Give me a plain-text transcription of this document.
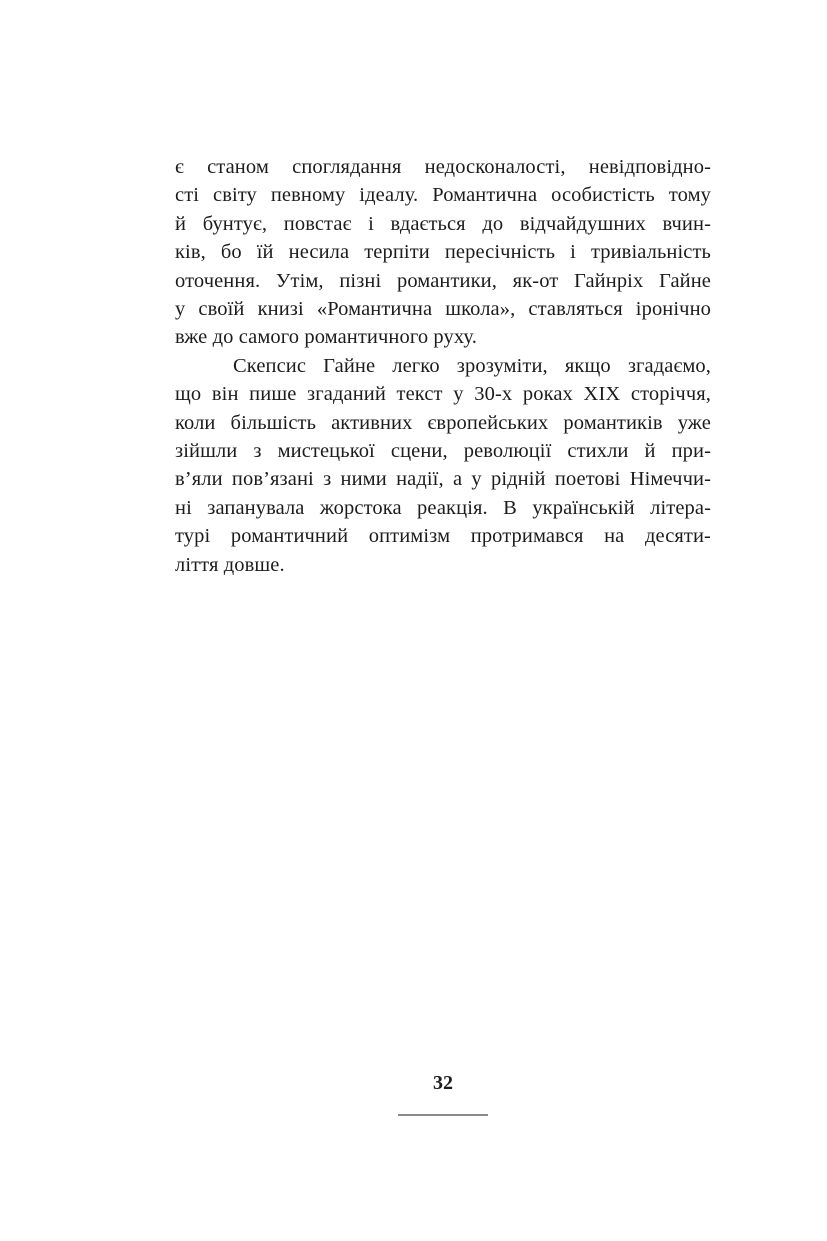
є станом споглядання недосконалості, невідповідно-
сті світу певному ідеалу. Романтична особистість тому
й бунтує, повстає і вдається до відчайдушних вчин-
ків, бо їй несила терпіти пересічність і тривіальність
оточення. Утім, пізні романтики, як-от Гайнріх Гайне
у своїй книзі «Романтична школа», ставляться іронічно
вже до самого романтичного руху.
Скепсис Гайне легко зрозуміти, якщо згадаємо,
що він пише згаданий текст у 30-х роках XIX сторіччя,
коли більшість активних європейських романтиків уже
зійшли з мистецької сцени, революції стихли й при-
в’яли пов’язані з ними надії, а у рідній поетові Німеччи-
ні запанувала жорстока реакція. В українській літера-
турі романтичний оптимізм протримався на десяти-
ліття довше.
32
